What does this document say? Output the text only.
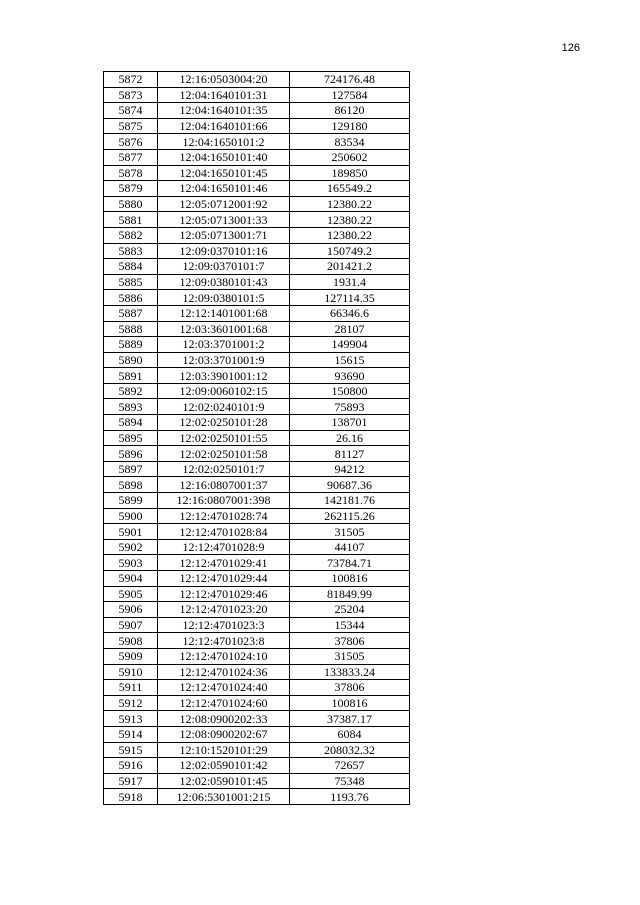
126
5872	12:16:0503004:20	724176.48
5873	12:04:1640101:31	127584
5874	12:04:1640101:35	86120
5875	12:04:1640101:66	129180
5876	12:04:1650101:2	83534
5877	12:04:1650101:40	250602
5878	12:04:1650101:45	189850
5879	12:04:1650101:46	165549.2
5880	12:05:0712001:92	12380.22
5881	12:05:0713001:33	12380.22
5882	12:05:0713001:71	12380.22
5883	12:09:0370101:16	150749.2
5884	12:09:0370101:7	201421.2
5885	12:09:0380101:43	1931.4
5886	12:09:0380101:5	127114.35
5887	12:12:1401001:68	66346.6
5888	12:03:3601001:68	28107
5889	12:03:3701001:2	149904
5890	12:03:3701001:9	15615
5891	12:03:3901001:12	93690
5892	12:09:0060102:15	150800
5893	12:02:0240101:9	75893
5894	12:02:0250101:28	138701
5895	12:02:0250101:55	26.16
5896	12:02:0250101:58	81127
5897	12:02:0250101:7	94212
5898	12:16:0807001:37	90687.36
5899	12:16:0807001:398	142181.76
5900	12:12:4701028:74	262115.26
5901	12:12:4701028:84	31505
5902	12:12:4701028:9	44107
5903	12:12:4701029:41	73784.71
5904	12:12:4701029:44	100816
5905	12:12:4701029:46	81849.99
5906	12:12:4701023:20	25204
5907	12:12:4701023:3	15344
5908	12:12:4701023:8	37806
5909	12:12:4701024:10	31505
5910	12:12:4701024:36	133833.24
5911	12:12:4701024:40	37806
5912	12:12:4701024:60	100816
5913	12:08:0900202:33	37387.17
5914	12:08:0900202:67	6084
5915	12:10:1520101:29	208032.32
5916	12:02:0590101:42	72657
5917	12:02:0590101:45	75348
5918	12:06:5301001:215	1193.76
